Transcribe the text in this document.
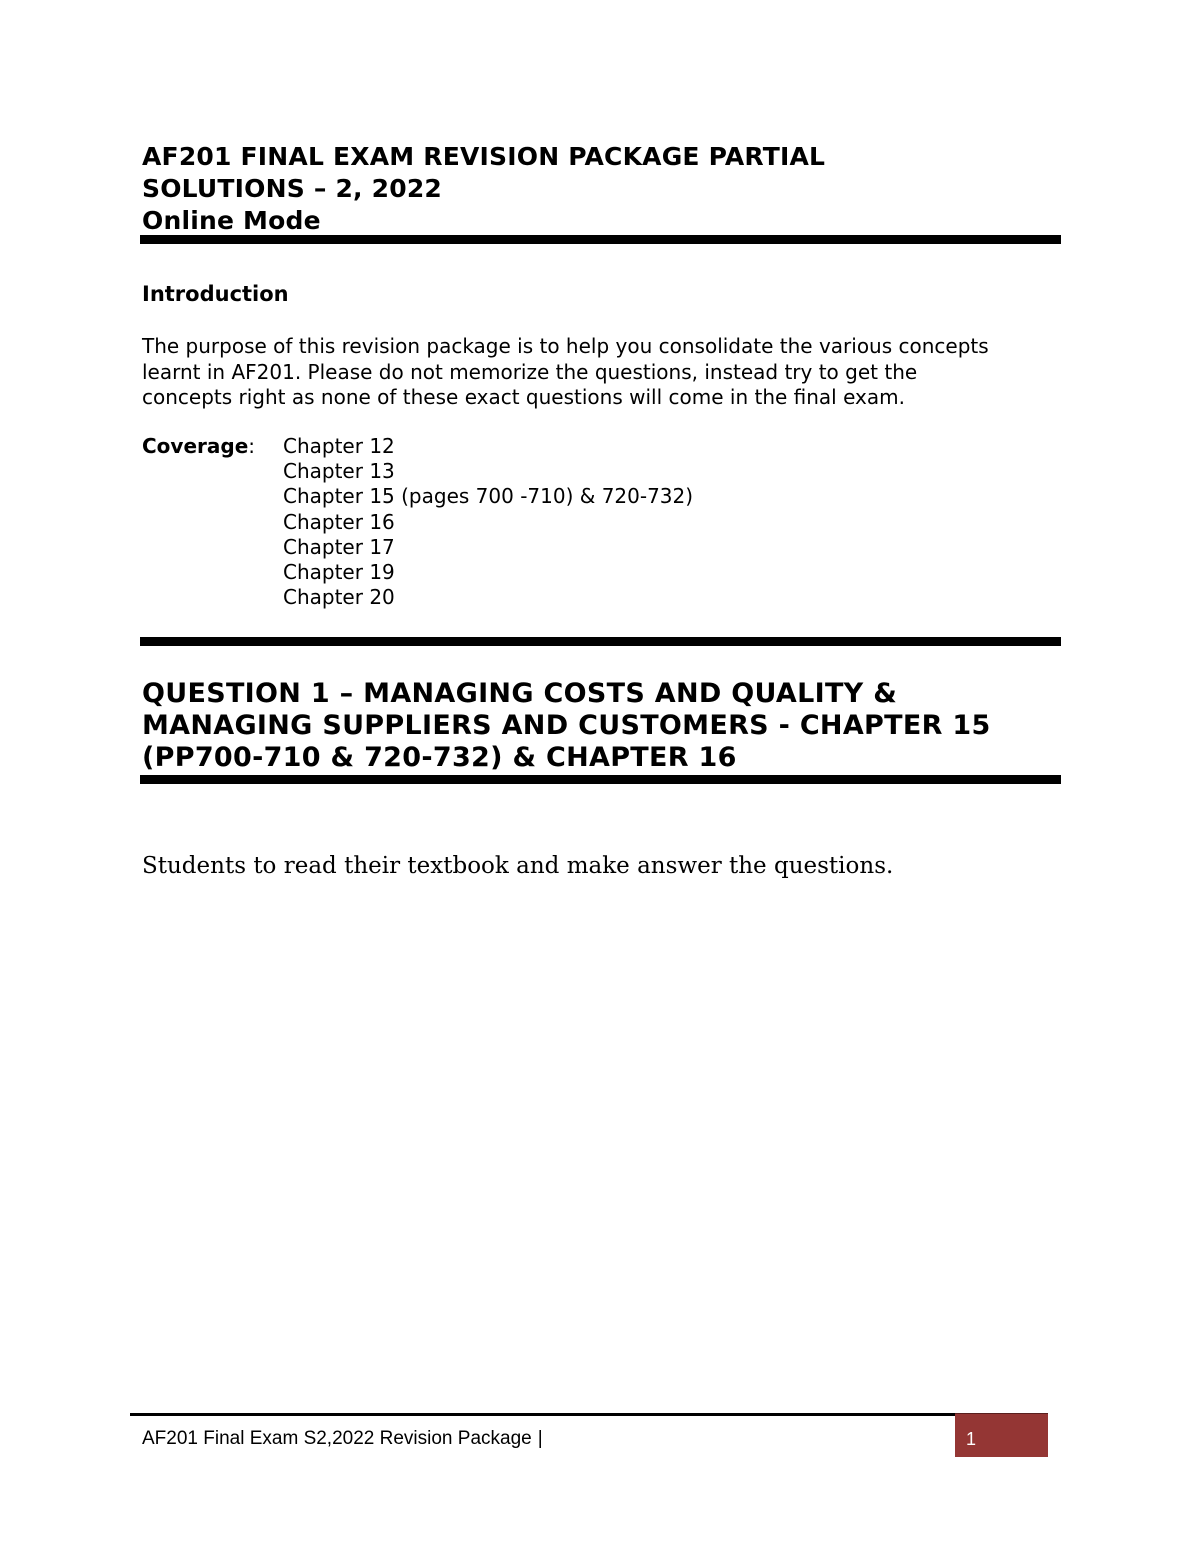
AF201 FINAL EXAM REVISION PACKAGE PARTIAL
SOLUTIONS – 2, 2022
Online Mode
Introduction
The purpose of this revision package is to help you consolidate the various concepts
learnt in AF201. Please do not memorize the questions, instead try to get the
concepts right as none of these exact questions will come in the final exam.
Coverage: Chapter 12
Chapter 13
Chapter 15 (pages 700 -710) & 720-732)
Chapter 16
Chapter 17
Chapter 19
Chapter 20
QUESTION 1 – MANAGING COSTS AND QUALITY &
MANAGING SUPPLIERS AND CUSTOMERS - CHAPTER 15
(PP700-710 & 720-732) & CHAPTER 16
Students to read their textbook and make answer the questions.
AF201 Final Exam S2,2022 Revision Package |	1
